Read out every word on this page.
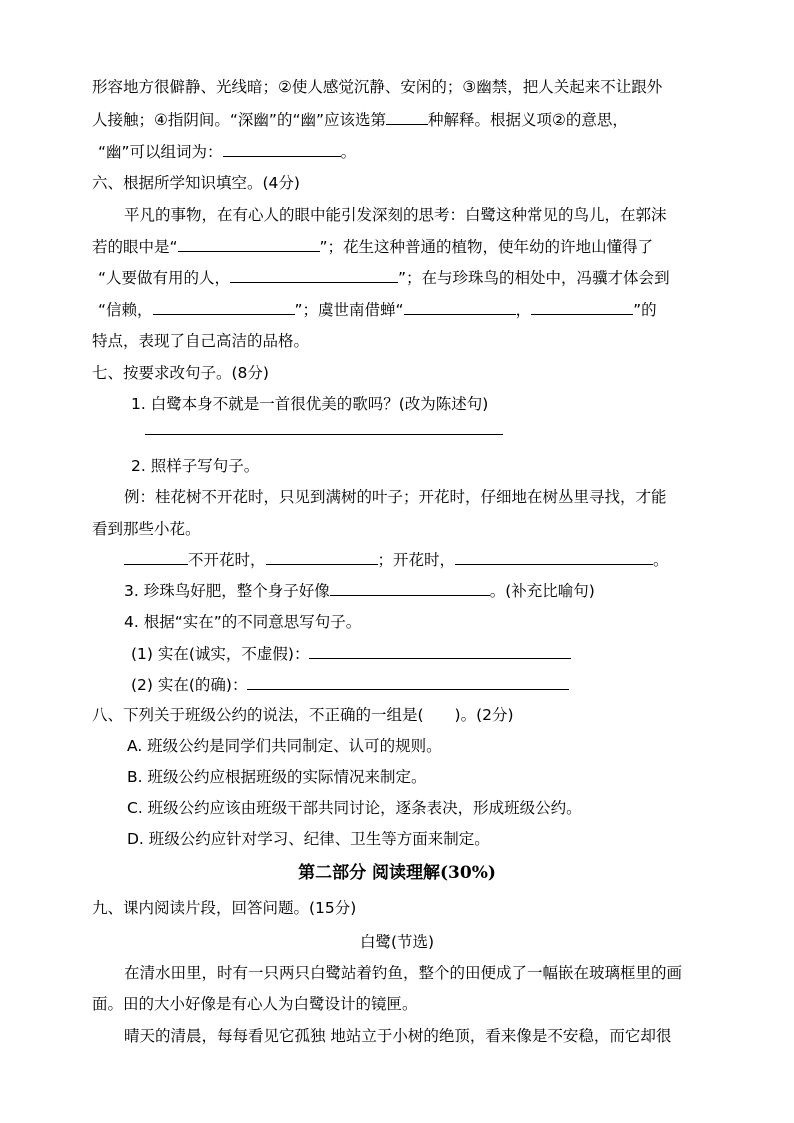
形容地方很僻静、光线暗；②使人感觉沉静、安闲的；③幽禁，把人关起来不让跟外
人接触；④指阴间。“深幽”的“幽”应该选第	种解释。根据义项②的意思，
“幽”可以组词为：	。
六、根据所学知识填空。(4分)
平凡的事物，在有心人的眼中能引发深刻的思考：白鹭这种常见的鸟儿，在郭沫
若的眼中是“	”；花生这种普通的植物，使年幼的许地山懂得了
“人要做有用的人，	”；在与珍珠鸟的相处中，冯骥才体会到
“信赖，	”；虞世南借蝉“	，	”的
特点，表现了自己高洁的品格。
七、按要求改句子。(8分)
1. 白鹭本身不就是一首很优美的歌吗？(改为陈述句)
2. 照样子写句子。
例：桂花树不开花时，只见到满树的叶子；开花时，仔细地在树丛里寻找，才能
看到那些小花。
不开花时，	；开花时，	。
3. 珍珠鸟好肥，整个身子好像	。(补充比喻句)
4. 根据“实在”的不同意思写句子。
(1) 实在(诚实，不虚假)：
(2) 实在(的确)：
八、下列关于班级公约的说法，不正确的一组是(　　)。(2分)
A. 班级公约是同学们共同制定、认可的规则。
B. 班级公约应根据班级的实际情况来制定。
C. 班级公约应该由班级干部共同讨论，逐条表决，形成班级公约。
D. 班级公约应针对学习、纪律、卫生等方面来制定。
第二部分 阅读理解(30%)
九、课内阅读片段，回答问题。(15分)
白鹭(节选)
在清水田里，时有一只两只白鹭站着钓鱼，整个的田便成了一幅嵌在玻璃框里的画
面。田的大小好像是有心人为白鹭设计的镜匣。
晴天的清晨，每每看见它孤独 地站立于小树的绝顶，看来像是不安稳，而它却很
